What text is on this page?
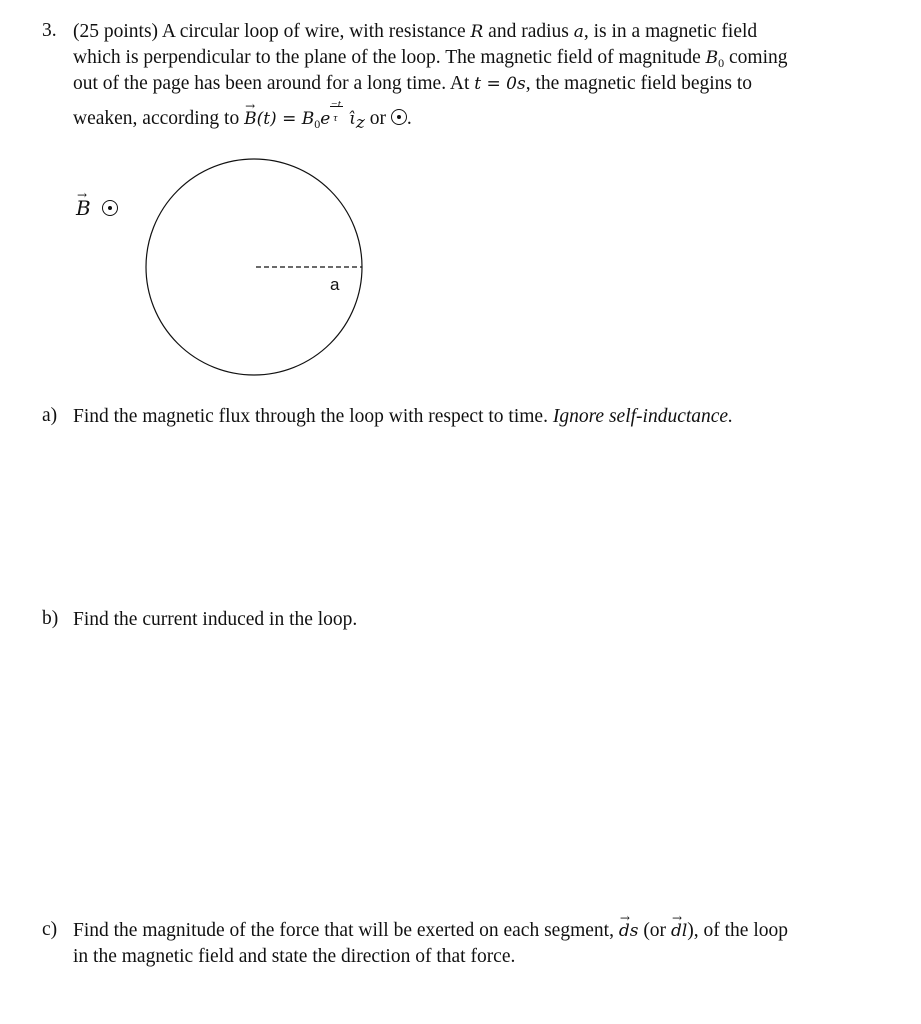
3. (25 points) A circular loop of wire, with resistance R and radius a, is in a magnetic field
which is perpendicular to the plane of the loop. The magnetic field of magnitude $B_0$ coming
out of the page has been around for a long time. At t = 0s, the magnetic field begins to
weaken, according to → $B(t) = B_0e$
−t
τ $\iotâ_z$ or .
→ B
a
a) Find the magnetic flux through the loop with respect to time. Ignore self-inductance.
b) Find the current induced in the loop.
c) Find the magnitude of the force that will be exerted on each segment, → ds (or → dl), of the loop
in the magnetic field and state the direction of that force.
